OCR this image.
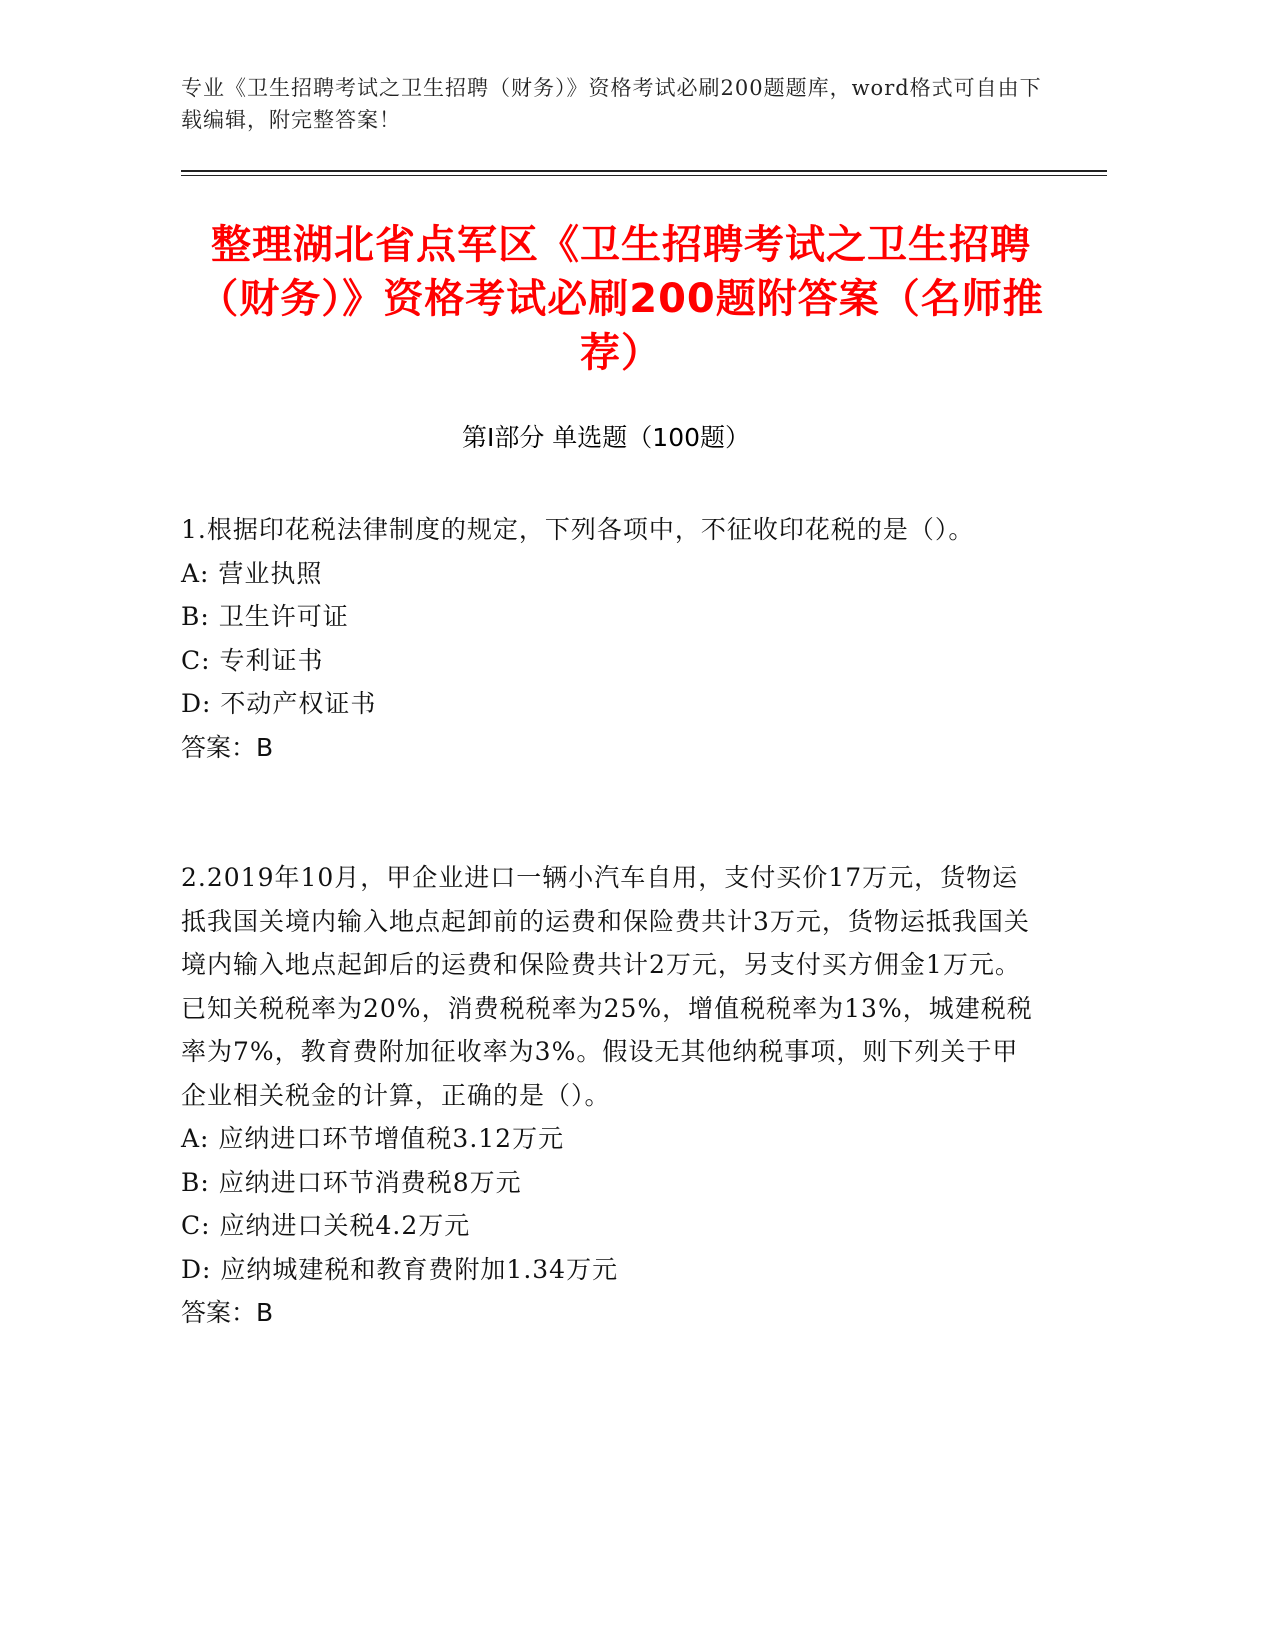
专业《卫生招聘考试之卫生招聘（财务）》资格考试必刷200题题库，word格式可自由下载编辑，附完整答案！
整理湖北省点军区《卫生招聘考试之卫生招聘（财务）》资格考试必刷200题附答案（名师推荐）
第Ⅰ部分 单选题（100题）

1.根据印花税法律制度的规定，下列各项中，不征收印花税的是（）。

A: 营业执照

B: 卫生许可证

C: 专利证书

D: 不动产权证书

答案：B

2.2019年10月，甲企业进口一辆小汽车自用，支付买价17万元，货物运抵我国关境内输入地点起卸前的运费和保险费共计3万元，货物运抵我国关境内输入地点起卸后的运费和保险费共计2万元，另支付买方佣金1万元。已知关税税率为20%，消费税税率为25%，增值税税率为13%，城建税税率为7%，教育费附加征收率为3%。假设无其他纳税事项，则下列关于甲企业相关税金的计算，正确的是（）。

A: 应纳进口环节增值税3.12万元

B: 应纳进口环节消费税8万元

C: 应纳进口关税4.2万元

D: 应纳城建税和教育费附加1.34万元

答案：B
